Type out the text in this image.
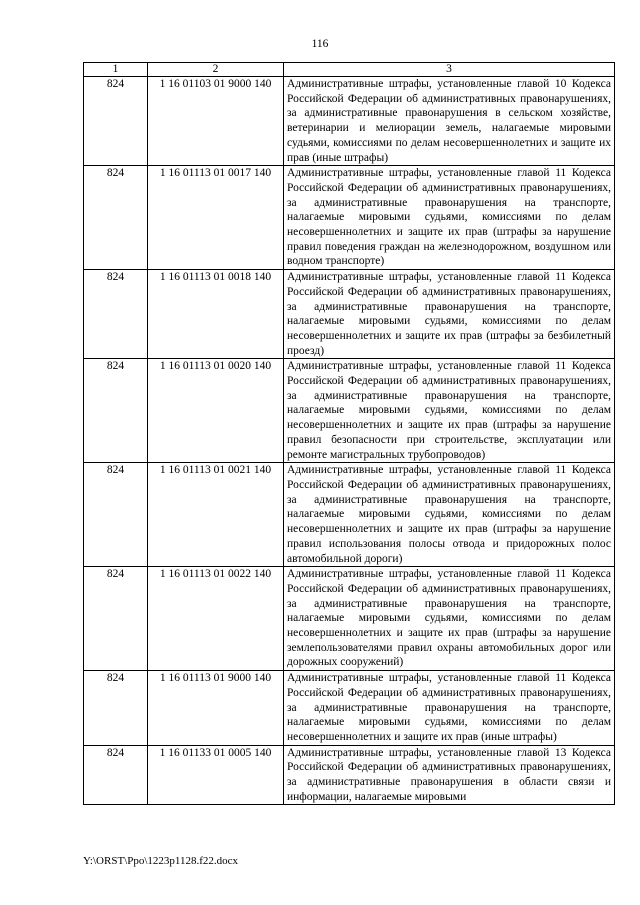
116
1	2	3
824	1 16 01103 01 9000 140	Административные штрафы, установленные главой 10 Кодекса Российской Федерации об административных правонарушениях, за административные правонарушения в сельском хозяйстве, ветеринарии и мелиорации земель, налагаемые мировыми судьями, комиссиями по делам несовершеннолетних и защите их прав (иные штрафы)
824	1 16 01113 01 0017 140	Административные штрафы, установленные главой 11 Кодекса Российской Федерации об административных правонарушениях, за административные правонарушения на транспорте, налагаемые мировыми судьями, комиссиями по делам несовершеннолетних и защите их прав (штрафы за нарушение правил поведения граждан на железнодорожном, воздушном или водном транспорте)
824	1 16 01113 01 0018 140	Административные штрафы, установленные главой 11 Кодекса Российской Федерации об административных правонарушениях, за административные правонарушения на транспорте, налагаемые мировыми судьями, комиссиями по делам несовершеннолетних и защите их прав (штрафы за безбилетный проезд)
824	1 16 01113 01 0020 140	Административные штрафы, установленные главой 11 Кодекса Российской Федерации об административных правонарушениях, за административные правонарушения на транспорте, налагаемые мировыми судьями, комиссиями по делам несовершеннолетних и защите их прав (штрафы за нарушение правил безопасности при строительстве, эксплуатации или ремонте магистральных трубопроводов)
824	1 16 01113 01 0021 140	Административные штрафы, установленные главой 11 Кодекса Российской Федерации об административных правонарушениях, за административные правонарушения на транспорте, налагаемые мировыми судьями, комиссиями по делам несовершеннолетних и защите их прав (штрафы за нарушение правил использования полосы отвода и придорожных полос автомобильной дороги)
824	1 16 01113 01 0022 140	Административные штрафы, установленные главой 11 Кодекса Российской Федерации об административных правонарушениях, за административные правонарушения на транспорте, налагаемые мировыми судьями, комиссиями по делам несовершеннолетних и защите их прав (штрафы за нарушение землепользователями правил охраны автомобильных дорог или дорожных сооружений)
824	1 16 01113 01 9000 140	Административные штрафы, установленные главой 11 Кодекса Российской Федерации об административных правонарушениях, за административные правонарушения на транспорте, налагаемые мировыми судьями, комиссиями по делам несовершеннолетних и защите их прав (иные штрафы)
824	1 16 01133 01 0005 140	Административные штрафы, установленные главой 13 Кодекса Российской Федерации об административных правонарушениях, за административные правонарушения в области связи и информации, налагаемые мировыми
Y:\ORST\Ppo\1223p1128.f22.docx
